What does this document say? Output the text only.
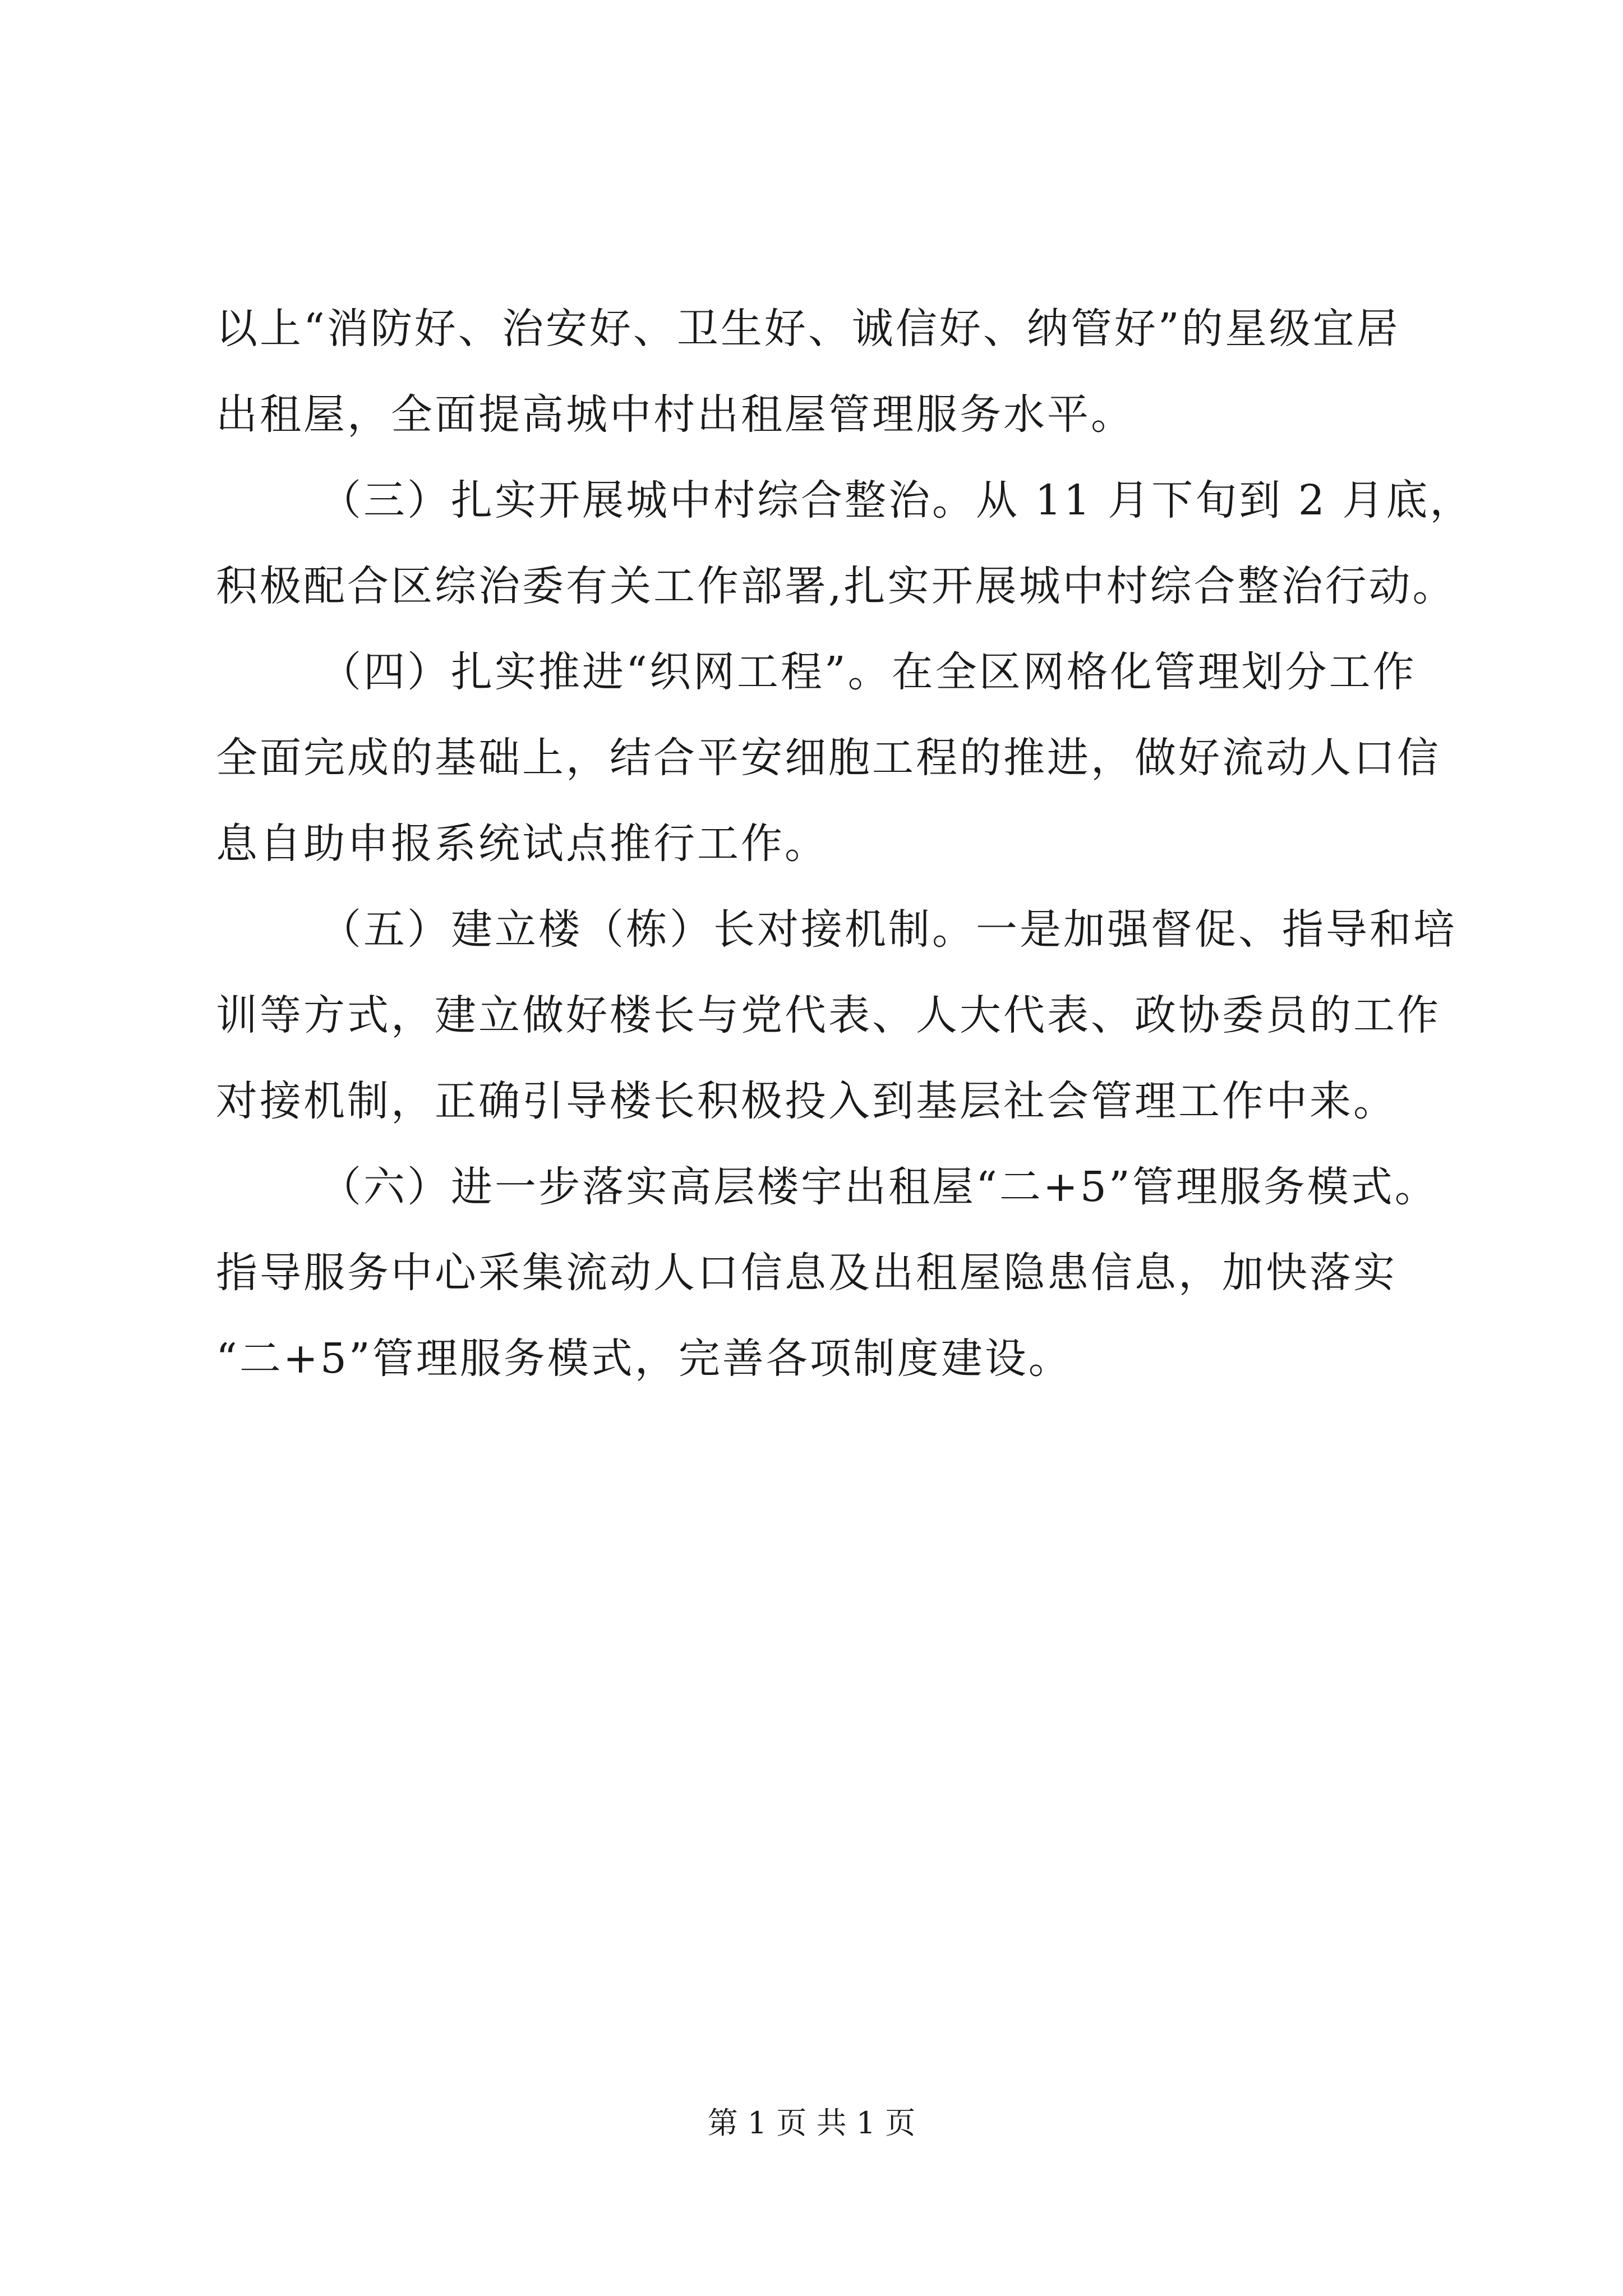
以上“消防好、治安好、卫生好、诚信好、纳管好”的星级宜居
出租屋，全面提高城中村出租屋管理服务水平。
（三）扎实开展城中村综合整治。从 11 月下旬到 2 月底，
积极配合区综治委有关工作部署,扎实开展城中村综合整治行动。
（四）扎实推进“织网工程”。在全区网格化管理划分工作
全面完成的基础上，结合平安细胞工程的推进，做好流动人口信
息自助申报系统试点推行工作。
（五）建立楼（栋）长对接机制。一是加强督促、指导和培
训等方式，建立做好楼长与党代表、人大代表、政协委员的工作
对接机制，正确引导楼长积极投入到基层社会管理工作中来。
（六）进一步落实高层楼宇出租屋“二+5”管理服务模式。
指导服务中心采集流动人口信息及出租屋隐患信息，加快落实
“二+5”管理服务模式，完善各项制度建设。
第 1 页 共 1 页
